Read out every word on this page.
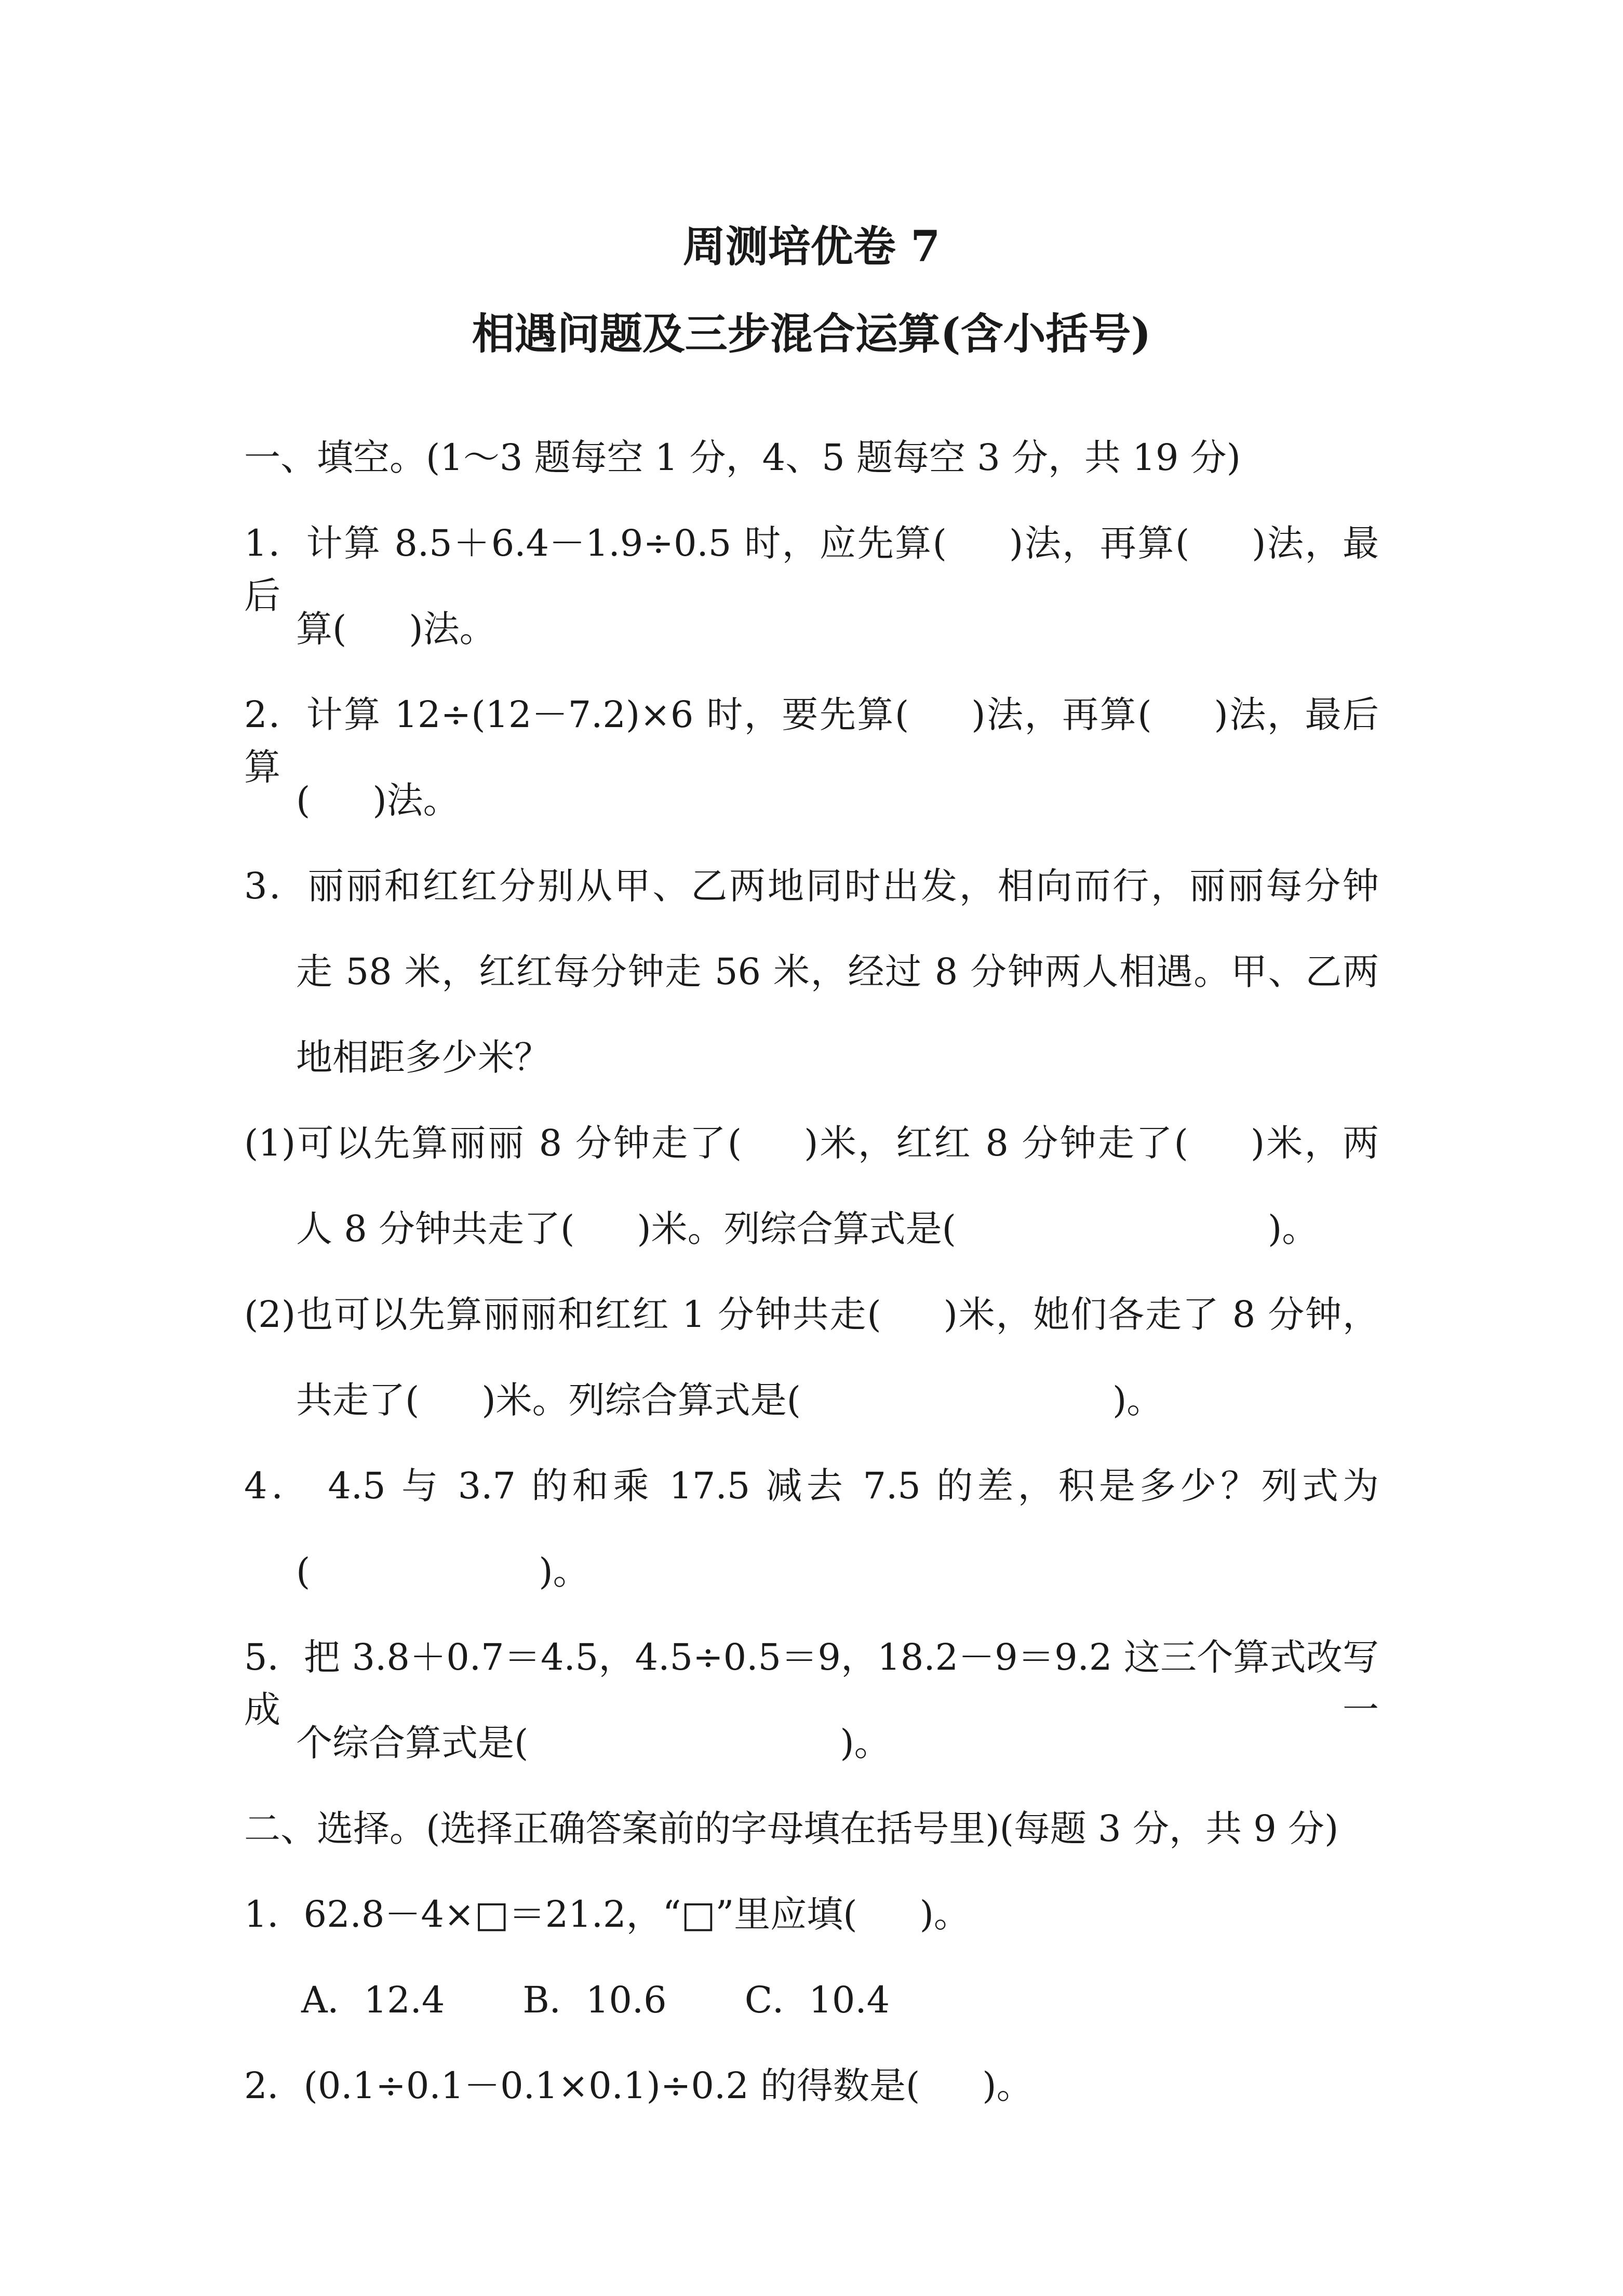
周测培优卷 7
相遇问题及三步混合运算(含小括号)
一、填空。(1～3 题每空 1 分，4、5 题每空 3 分，共 19 分)
1．计算 8.5＋6.4－1.9÷0.5 时，应先算( )法，再算( )法，最后
算( )法。
2．计算 12÷(12－7.2)×6 时，要先算( )法，再算( )法，最后算
( )法。
3．丽丽和红红分别从甲、乙两地同时出发，相向而行，丽丽每分钟
走 58 米，红红每分钟走 56 米，经过 8 分钟两人相遇。甲、乙两
地相距多少米？
(1)可以先算丽丽 8 分钟走了( )米，红红 8 分钟走了( )米，两
人 8 分钟共走了( )米。列综合算式是(	)。
(2)也可以先算丽丽和红红 1 分钟共走( )米，她们各走了 8 分钟，
共走了( )米。列综合算式是(	)。
4． 4.5 与 3.7 的和乘 17.5 减去 7.5 的差，积是多少？列式为
(	)。
5．把 3.8＋0.7＝4.5，4.5÷0.5＝9，18.2－9＝9.2 这三个算式改写成一
个综合算式是(	)。
二、选择。(选择正确答案前的字母填在括号里)(每题 3 分，共 9 分)
1．62.8－4×□＝21.2，“□”里应填( )。
A．12.4 B．10.6 C．10.4
2．(0.1÷0.1－0.1×0.1)÷0.2 的得数是( )。
